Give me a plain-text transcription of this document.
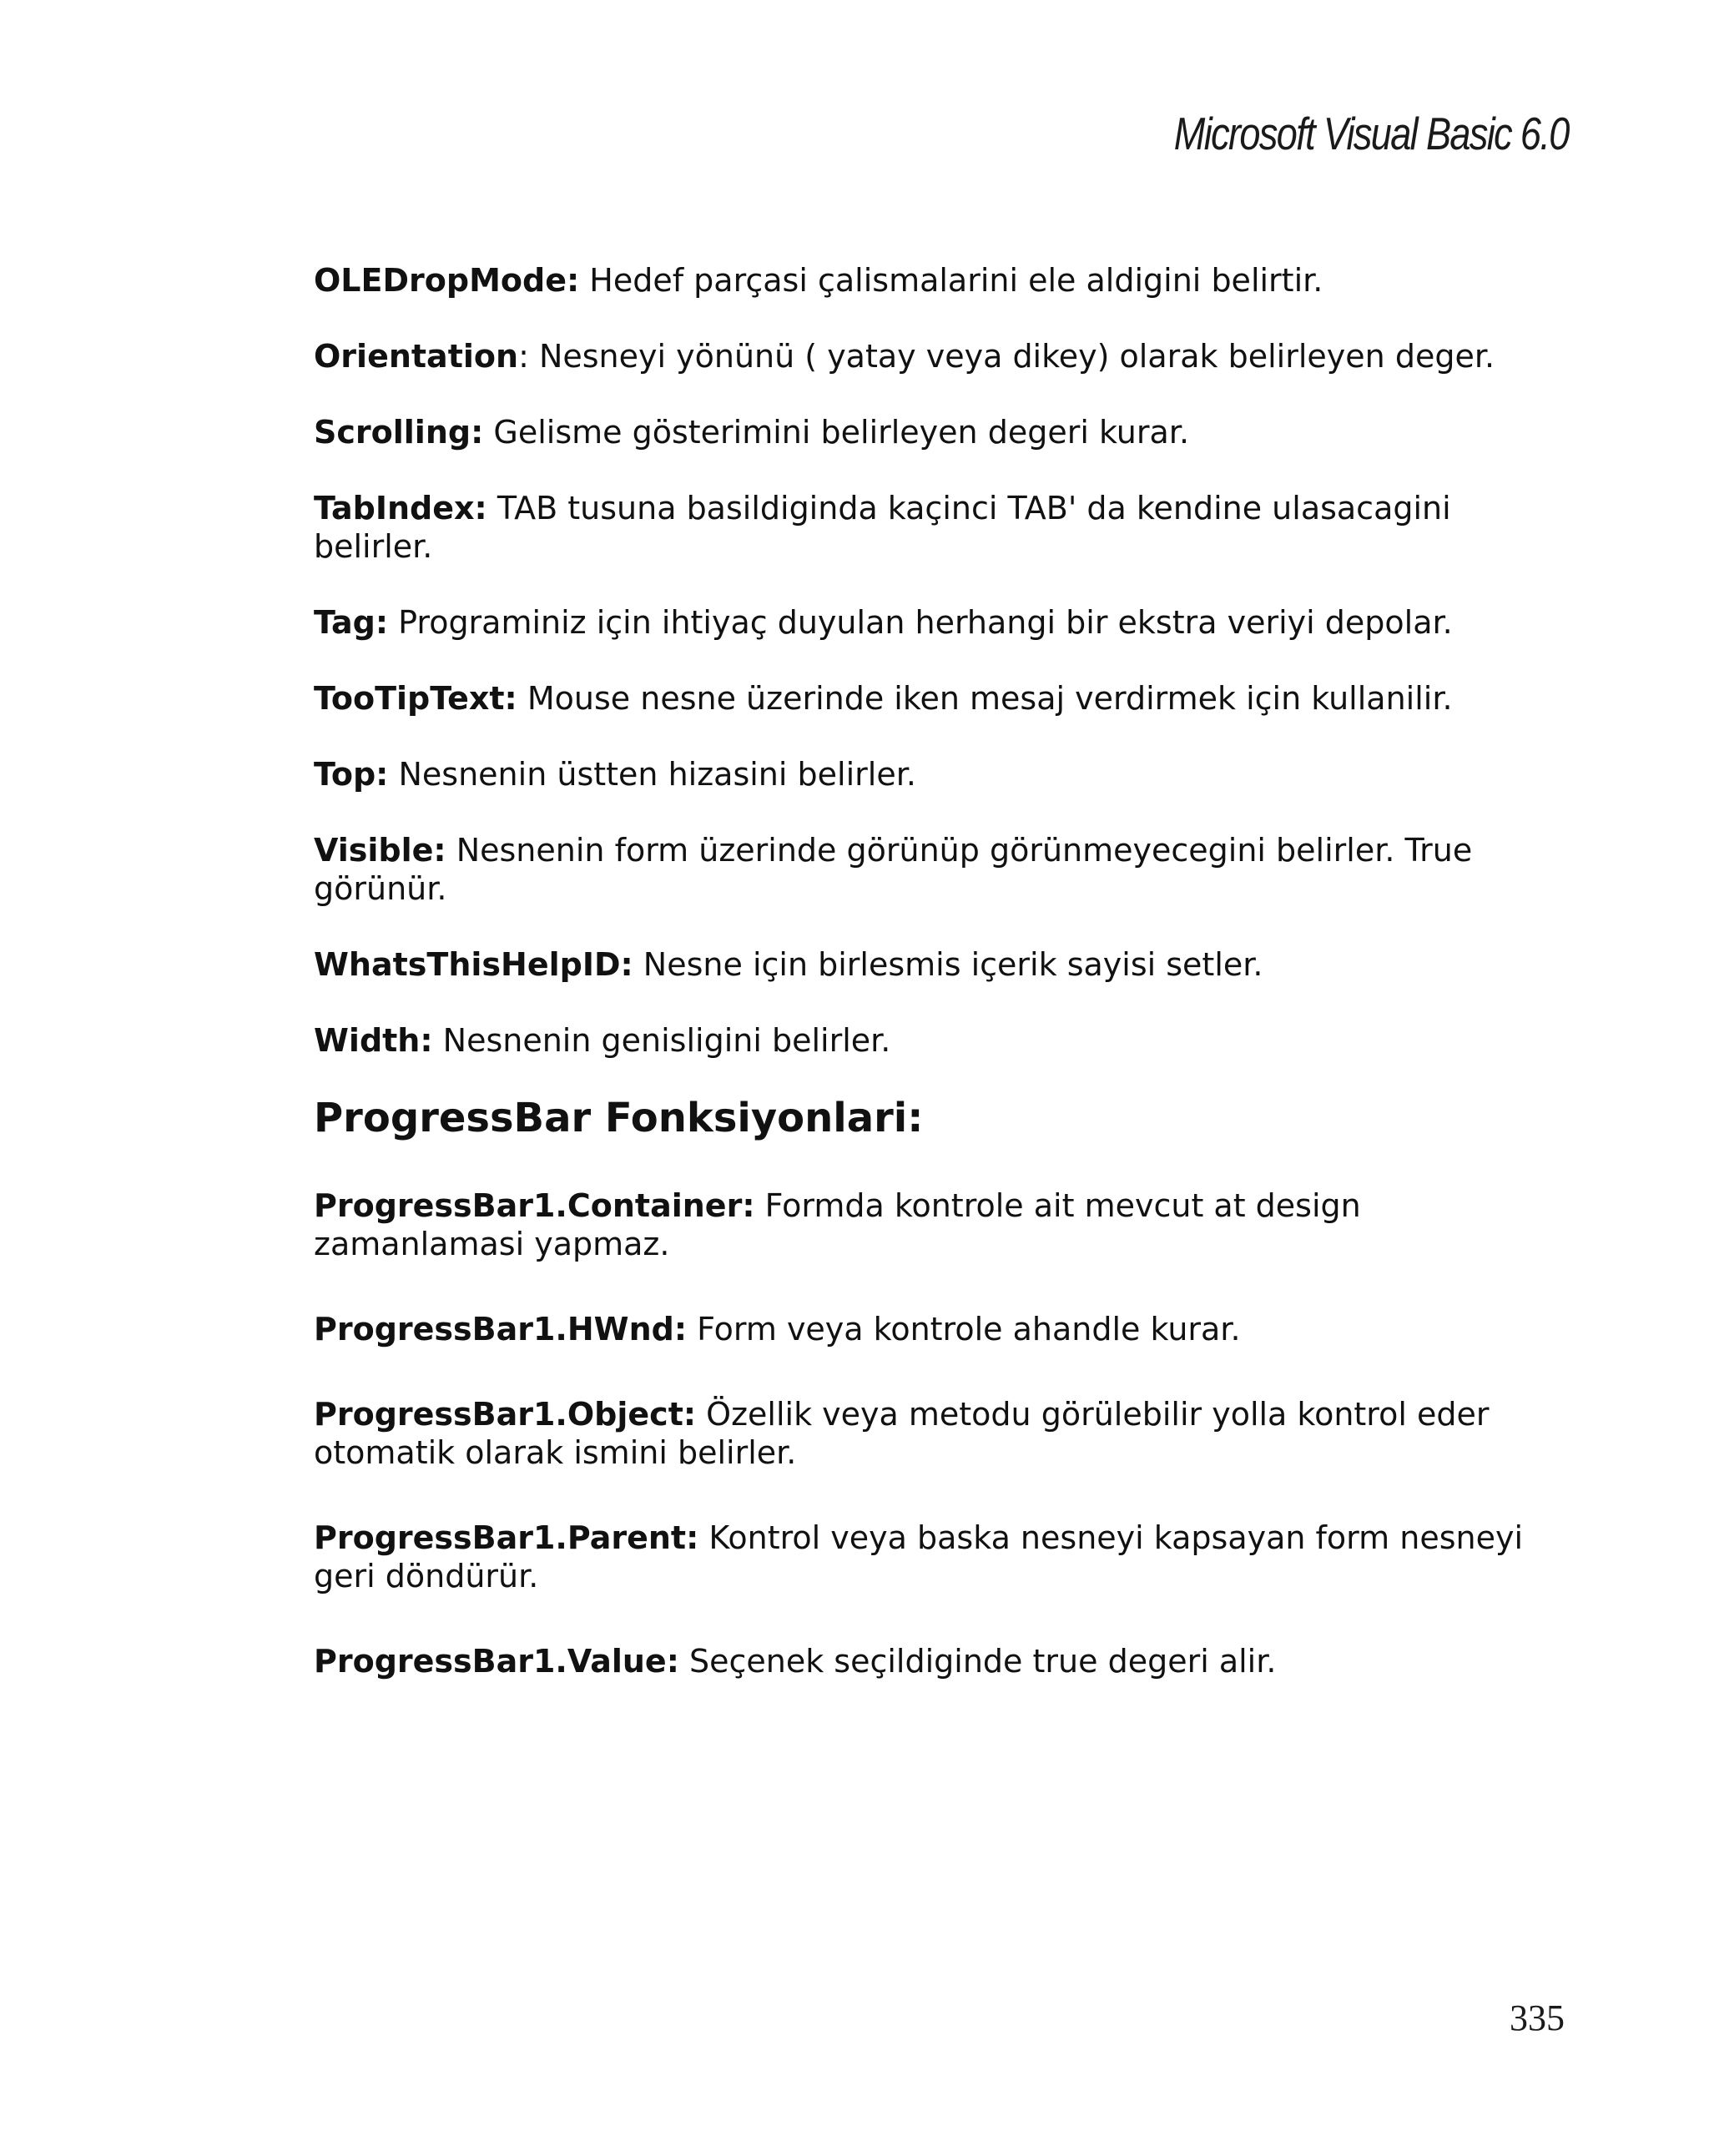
Microsoft Visual Basic 6.0

OLEDropMode: Hedef parçasi çalismalarini ele aldigini belirtir.

Orientation: Nesneyi yönünü ( yatay veya dikey) olarak belirleyen deger.

Scrolling: Gelisme gösterimini belirleyen degeri kurar.

TabIndex: TAB tusuna basildiginda kaçinci TAB' da kendine ulasacagini belirler.

Tag: Programiniz için ihtiyaç duyulan herhangi bir ekstra veriyi depolar.

TooTipText: Mouse nesne üzerinde iken mesaj verdirmek için kullanilir.

Top: Nesnenin üstten hizasini belirler.

Visible: Nesnenin form üzerinde görünüp görünmeyecegini belirler. True görünür.

WhatsThisHelpID: Nesne için birlesmis içerik sayisi setler.

Width: Nesnenin genisligini belirler.

ProgressBar Fonksiyonlari:

ProgressBar1.Container: Formda kontrole ait mevcut at design zamanlamasi yapmaz.

ProgressBar1.HWnd: Form veya kontrole ahandle kurar.

ProgressBar1.Object: Özellik veya metodu görülebilir yolla kontrol eder otomatik olarak ismini belirler.

ProgressBar1.Parent: Kontrol veya baska nesneyi kapsayan form nesneyi geri döndürür.

ProgressBar1.Value: Seçenek seçildiginde true degeri alir.

335
